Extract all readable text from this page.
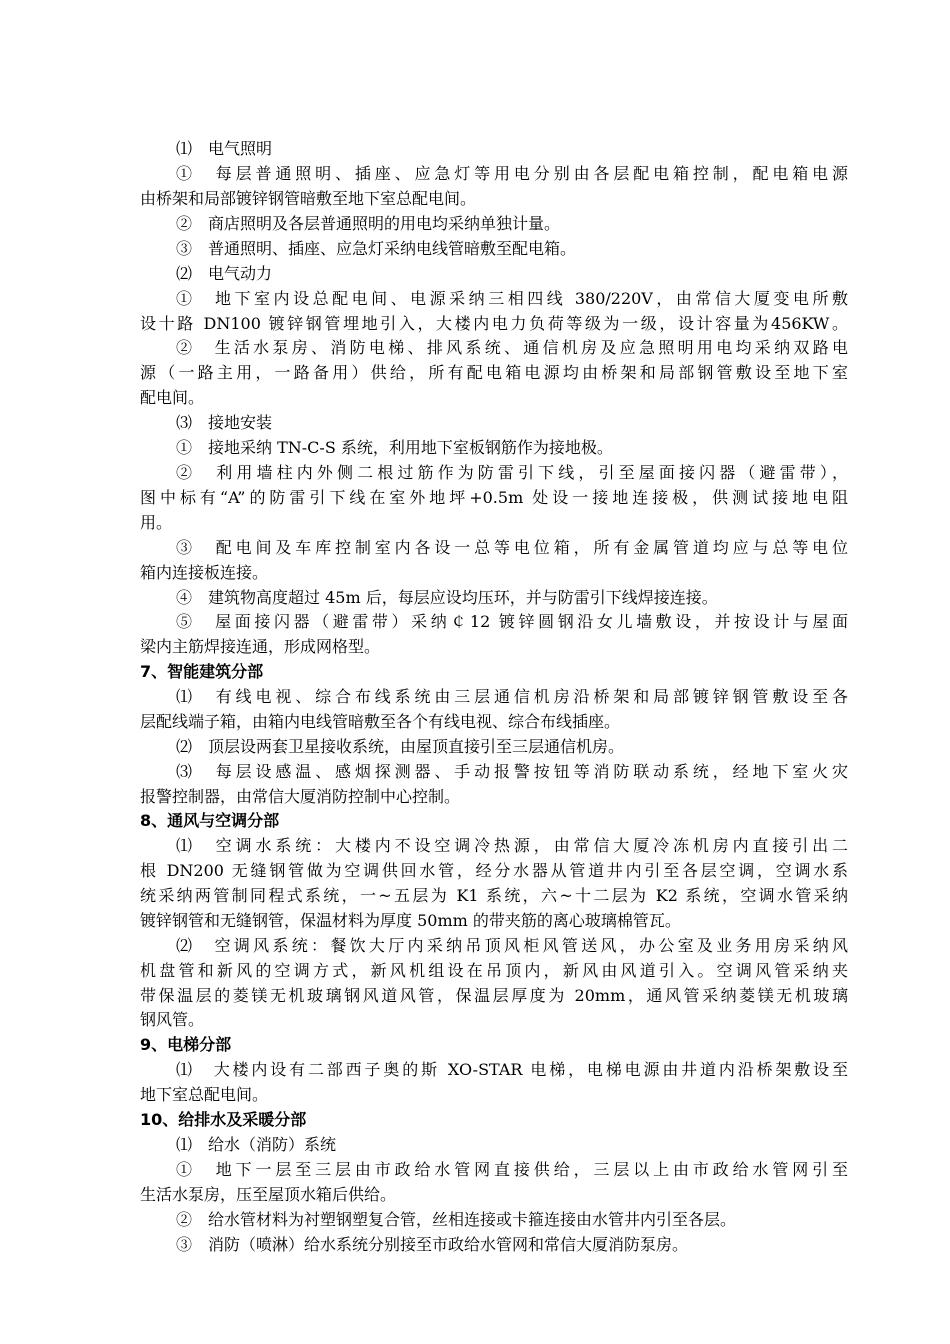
⑴　电气照明
①　每层普通照明、插座、应急灯等用电分别由各层配电箱控制，配电箱电源
由桥架和局部镀锌钢管暗敷至地下室总配电间。
②　商店照明及各层普通照明的用电均采纳单独计量。
③　普通照明、插座、应急灯采纳电线管暗敷至配电箱。
⑵　电气动力
①　地下室内设总配电间、电源采纳三相四线 380/220V，由常信大厦变电所敷
设十路 DN100 镀锌钢管埋地引入，大楼内电力负荷等级为一级，设计容量为456KW。
②　生活水泵房、消防电梯、排风系统、通信机房及应急照明用电均采纳双路电
源（一路主用，一路备用）供给，所有配电箱电源均由桥架和局部钢管敷设至地下室
配电间。
⑶　接地安装
①　接地采纳 TN-C-S 系统，利用地下室板钢筋作为接地极。
②　利用墙柱内外侧二根过筋作为防雷引下线，引至屋面接闪器（避雷带），
图中标有“A”的防雷引下线在室外地坪+0.5m 处设一接地连接极，供测试接地电阻
用。
③　配电间及车库控制室内各设一总等电位箱，所有金属管道均应与总等电位
箱内连接板连接。
④　建筑物高度超过 45m 后，每层应设均压环，并与防雷引下线焊接连接。
⑤　屋面接闪器（避雷带）采纳￠12 镀锌圆钢沿女儿墙敷设，并按设计与屋面
梁内主筋焊接连通，形成网格型。
7、智能建筑分部
⑴　有线电视、综合布线系统由三层通信机房沿桥架和局部镀锌钢管敷设至各
层配线端子箱，由箱内电线管暗敷至各个有线电视、综合布线插座。
⑵　顶层设两套卫星接收系统，由屋顶直接引至三层通信机房。
⑶　每层设感温、感烟探测器、手动报警按钮等消防联动系统，经地下室火灾
报警控制器，由常信大厦消防控制中心控制。
8、通风与空调分部
⑴　空调水系统：大楼内不设空调冷热源，由常信大厦冷冻机房内直接引出二
根 DN200 无缝钢管做为空调供回水管，经分水器从管道井内引至各层空调，空调水系
统采纳两管制同程式系统，一~五层为 K1 系统，六~十二层为 K2 系统，空调水管采纳
镀锌钢管和无缝钢管，保温材料为厚度 50mm 的带夹筋的离心玻璃棉管瓦。
⑵　空调风系统：餐饮大厅内采纳吊顶风柜风管送风，办公室及业务用房采纳风
机盘管和新风的空调方式，新风机组设在吊顶内，新风由风道引入。空调风管采纳夹
带保温层的菱镁无机玻璃钢风道风管，保温层厚度为 20mm，通风管采纳菱镁无机玻璃
钢风管。
9、电梯分部
⑴　大楼内设有二部西子奥的斯 XO-STAR 电梯，电梯电源由井道内沿桥架敷设至
地下室总配电间。
10、给排水及采暖分部
⑴　给水（消防）系统
①　地下一层至三层由市政给水管网直接供给，三层以上由市政给水管网引至
生活水泵房，压至屋顶水箱后供给。
②　给水管材料为衬塑钢塑复合管，丝相连接或卡箍连接由水管井内引至各层。
③　消防（喷淋）给水系统分别接至市政给水管网和常信大厦消防泵房。
